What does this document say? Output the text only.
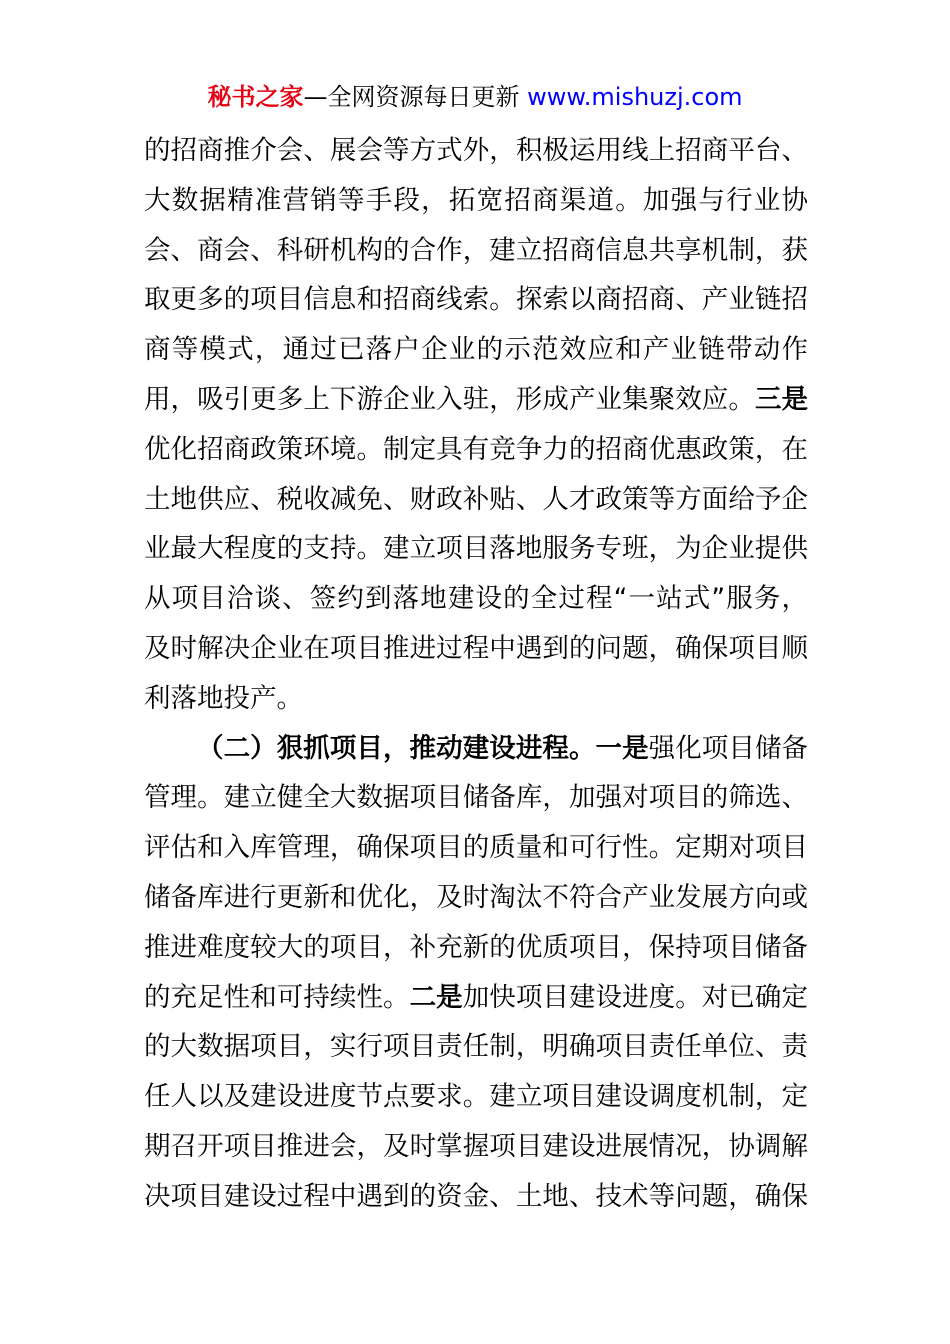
秘书之家—全网资源每日更新 www.mishuzj.com
的招商推介会、展会等方式外，积极运用线上招商平台、
大数据精准营销等手段，拓宽招商渠道。加强与行业协
会、商会、科研机构的合作，建立招商信息共享机制，获
取更多的项目信息和招商线索。探索以商招商、产业链招
商等模式，通过已落户企业的示范效应和产业链带动作
用，吸引更多上下游企业入驻，形成产业集聚效应。三是
优化招商政策环境。制定具有竞争力的招商优惠政策，在
土地供应、税收减免、财政补贴、人才政策等方面给予企
业最大程度的支持。建立项目落地服务专班，为企业提供
从项目洽谈、签约到落地建设的全过程“一站式”服务，
及时解决企业在项目推进过程中遇到的问题，确保项目顺
利落地投产。
（二）狠抓项目，推动建设进程。一是强化项目储备
管理。建立健全大数据项目储备库，加强对项目的筛选、
评估和入库管理，确保项目的质量和可行性。定期对项目
储备库进行更新和优化，及时淘汰不符合产业发展方向或
推进难度较大的项目，补充新的优质项目，保持项目储备
的充足性和可持续性。二是加快项目建设进度。对已确定
的大数据项目，实行项目责任制，明确项目责任单位、责
任人以及建设进度节点要求。建立项目建设调度机制，定
期召开项目推进会，及时掌握项目建设进展情况，协调解
决项目建设过程中遇到的资金、土地、技术等问题，确保
